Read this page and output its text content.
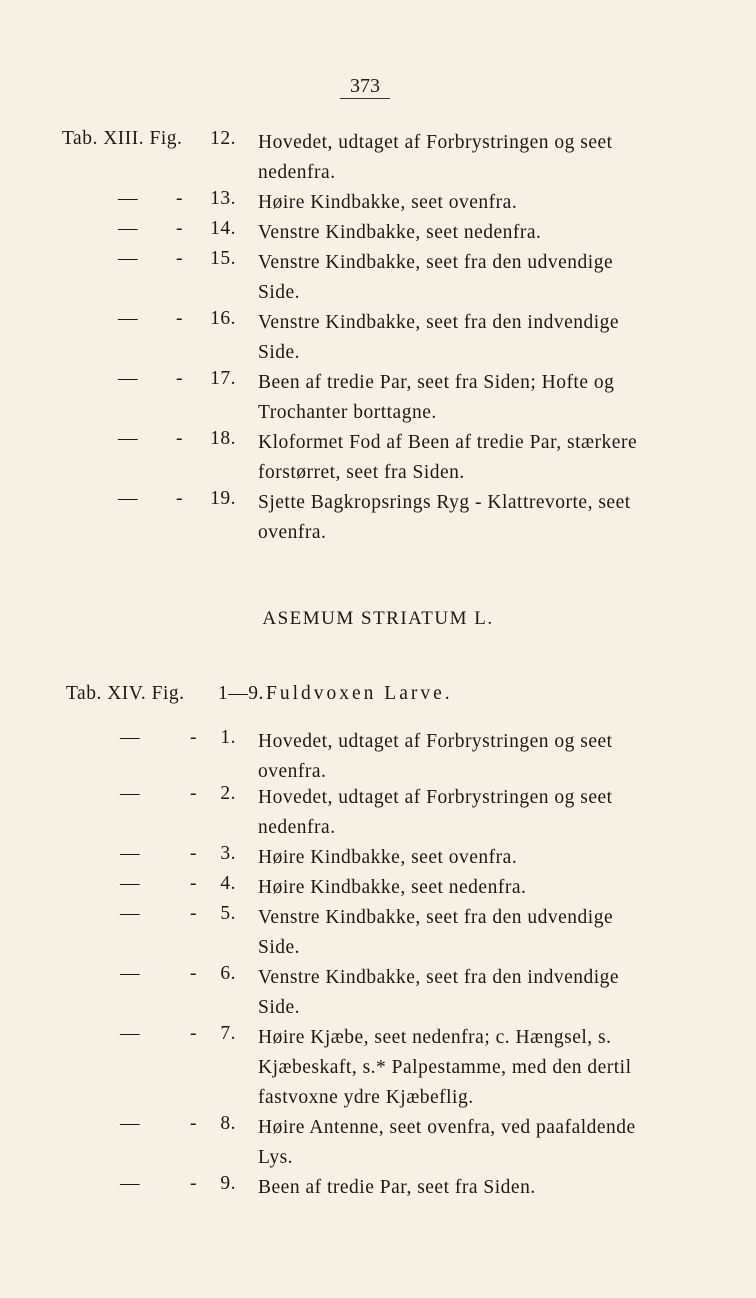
373
Tab. XIII. Fig.	12. Hovedet, udtaget af Forbrystringen og seet nedenfra.
— -	13. Høire Kindbakke, seet ovenfra.
— -	14. Venstre Kindbakke, seet nedenfra.
— -	15. Venstre Kindbakke, seet fra den udvendige Side.
— -	16. Venstre Kindbakke, seet fra den indvendige Side.
— -	17. Been af tredie Par, seet fra Siden; Hofte og Trochanter borttagne.
— -	18. Kloformet Fod af Been af tredie Par, stærkere forstørret, seet fra Siden.
— -	19. Sjette Bagkropsrings Ryg - Klattrevorte, seet ovenfra.
ASEMUM STRIATUM L.
Tab. XIV. Fig. 1—9. Fuldvoxen Larve.
—	-	1. Hovedet, udtaget af Forbrystringen og seet ovenfra.
—	-	2. Hovedet, udtaget af Forbrystringen og seet nedenfra.
—	-	3. Høire Kindbakke, seet ovenfra.
—	-	4. Høire Kindbakke, seet nedenfra.
—	-	5. Venstre Kindbakke, seet fra den udvendige Side.
—	-	6. Venstre Kindbakke, seet fra den indvendige Side.
—	-	7. Høire Kjæbe, seet nedenfra; c. Hængsel, s. Kjæbeskaft, s.* Palpestamme, med den dertil fastvoxne ydre Kjæbeflig.
—	-	8. Høire Antenne, seet ovenfra, ved paafaldende Lys.
—	-	9. Been af tredie Par, seet fra Siden.
